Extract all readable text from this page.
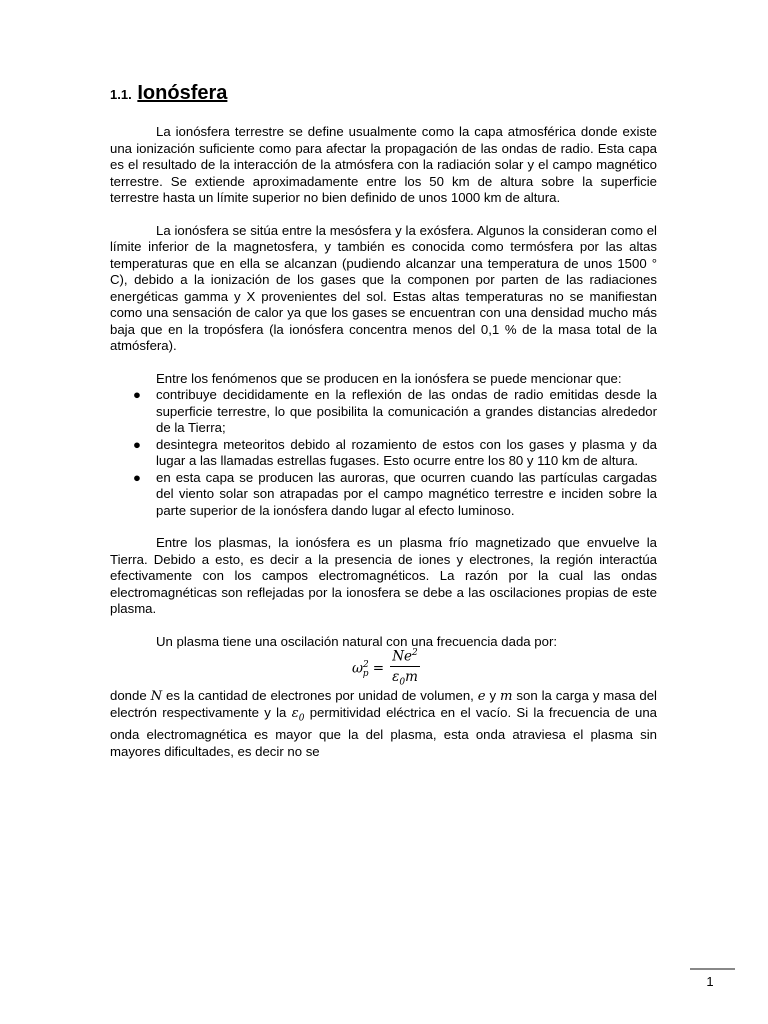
1.1. Ionósfera

La ionósfera terrestre se define usualmente como la capa atmosférica donde existe una ionización suficiente como para afectar la propagación de las ondas de radio. Esta capa es el resultado de la interacción de la atmósfera con la radiación solar y el campo magnético terrestre. Se extiende aproximadamente entre los 50 km de altura sobre la superficie terrestre hasta un límite superior no bien definido de unos 1000 km de altura.

La ionósfera se sitúa entre la mesósfera y la exósfera. Algunos la consideran como el límite inferior de la magnetosfera, y también es conocida como termósfera por las altas temperaturas que en ella se alcanzan (pudiendo alcanzar una temperatura de unos 1500 ° C), debido a la ionización de los gases que la componen por parten de las radiaciones energéticas gamma y X provenientes del sol. Estas altas temperaturas no se manifiestan como una sensación de calor ya que los gases se encuentran con una densidad mucho más baja que en la tropósfera (la ionósfera concentra menos del 0,1 % de la masa total de la atmósfera).

Entre los fenómenos que se producen en la ionósfera se puede mencionar que:

● contribuye decididamente en la reflexión de las ondas de radio emitidas desde la superficie terrestre, lo que posibilita la comunicación a grandes distancias alrededor de la Tierra;
● desintegra meteoritos debido al rozamiento de estos con los gases y plasma y da lugar a las llamadas estrellas fugases. Esto ocurre entre los 80 y 110 km de altura.
● en esta capa se producen las auroras, que ocurren cuando las partículas cargadas del viento solar son atrapadas por el campo magnético terrestre e inciden sobre la parte superior de la ionósfera dando lugar al efecto luminoso.

Entre los plasmas, la ionósfera es un plasma frío magnetizado que envuelve la Tierra. Debido a esto, es decir a la presencia de iones y electrones, la región interactúa efectivamente con los campos electromagnéticos. La razón por la cual las ondas electromagnéticas son reflejadas por la ionosfera se debe a las oscilaciones propias de este plasma.

Un plasma tiene una oscilación natural con una frecuencia dada por:

$\omega^2_p = \frac{Ne^2}{\varepsilon_0m}$

donde N es la cantidad de electrones por unidad de volumen, e y m son la carga y masa del electrón respectivamente y la $\varepsilon_0$ permitividad eléctrica en el vacío. Si la frecuencia de una onda electromagnética es mayor que la del plasma, esta onda atraviesa el plasma sin mayores dificultades, es decir no se

1
